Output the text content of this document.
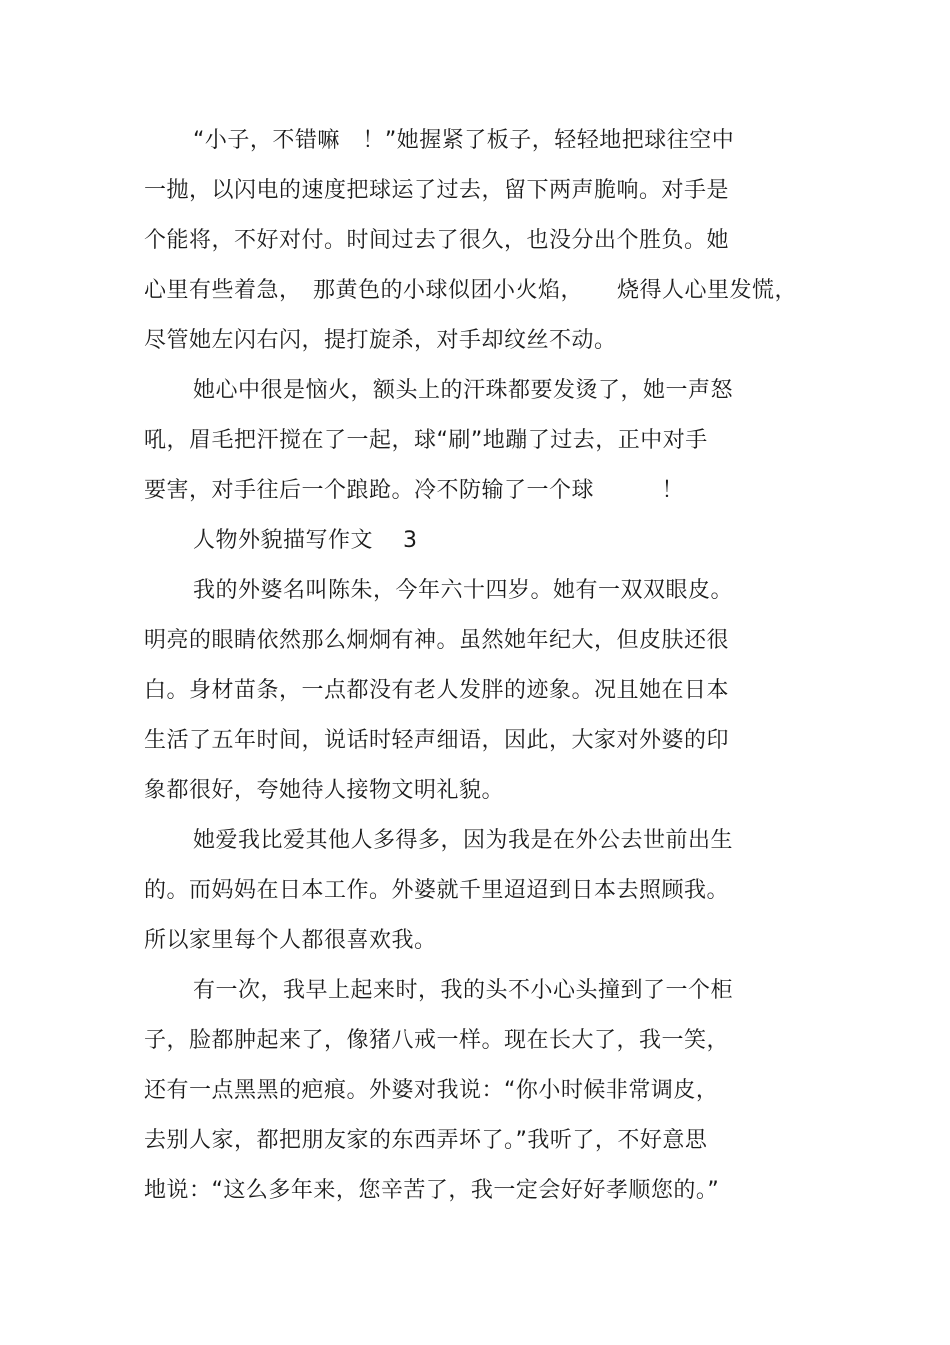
“小子，不错嘛　！”她握紧了板子，轻轻地把球往空中
一抛，以闪电的速度把球运了过去，留下两声脆响。对手是
个能将，不好对付。时间过去了很久，也没分出个胜负。她
心里有些着急，　那黄色的小球似团小火焰，　　烧得人心里发慌，
尽管她左闪右闪，提打旋杀，对手却纹丝不动。
她心中很是恼火，额头上的汗珠都要发烫了，她一声怒
吼，眉毛把汗搅在了一起，球“刷”地蹦了过去，正中对手
要害，对手往后一个踉跄。冷不防输了一个球　　　！
人物外貌描写作文　 3
我的外婆名叫陈朱，今年六十四岁。她有一双双眼皮。
明亮的眼睛依然那么炯炯有神。虽然她年纪大，但皮肤还很
白。身材苗条，一点都没有老人发胖的迹象。况且她在日本
生活了五年时间，说话时轻声细语，因此，大家对外婆的印
象都很好，夸她待人接物文明礼貌。
她爱我比爱其他人多得多，因为我是在外公去世前出生
的。而妈妈在日本工作。外婆就千里迢迢到日本去照顾我。
所以家里每个人都很喜欢我。
有一次，我早上起来时，我的头不小心头撞到了一个柜
子，脸都肿起来了，像猪八戒一样。现在长大了，我一笑，
还有一点黑黑的疤痕。外婆对我说：“你小时候非常调皮，
去别人家，都把朋友家的东西弄坏了。”我听了，不好意思
地说：“这么多年来，您辛苦了，我一定会好好孝顺您的。”
